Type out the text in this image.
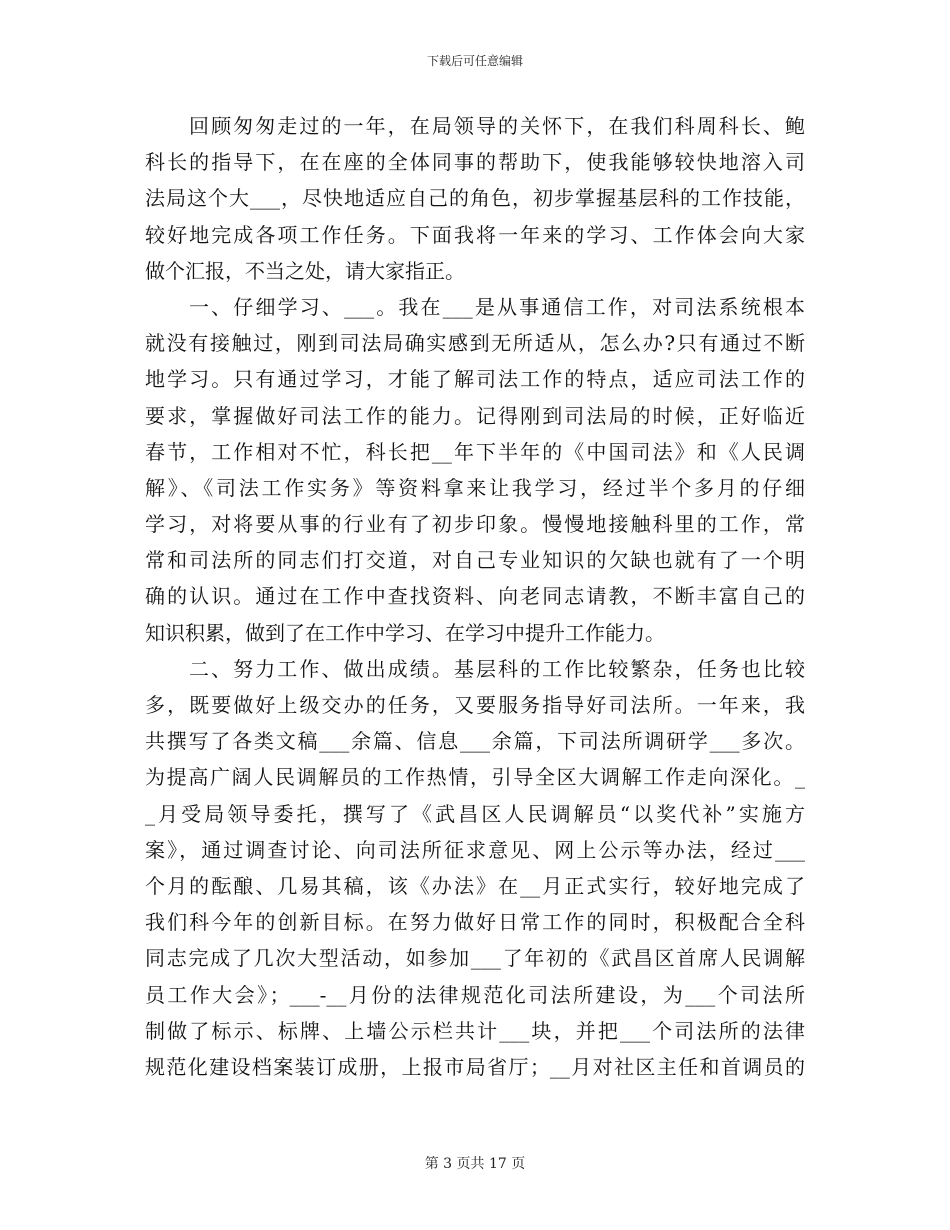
下载后可任意编辑
回顾匆匆走过的一年，在局领导的关怀下，在我们科周科长、鲍
科长的指导下，在在座的全体同事的帮助下，使我能够较快地溶入司
法局这个大___，尽快地适应自己的角色，初步掌握基层科的工作技能，
较好地完成各项工作任务。下面我将一年来的学习、工作体会向大家
做个汇报，不当之处，请大家指正。
一、仔细学习、___。我在___是从事通信工作，对司法系统根本
就没有接触过，刚到司法局确实感到无所适从，怎么办?只有通过不断
地学习。只有通过学习，才能了解司法工作的特点，适应司法工作的
要求，掌握做好司法工作的能力。记得刚到司法局的时候，正好临近
春节，工作相对不忙，科长把__年下半年的《中国司法》和《人民调
解》、《司法工作实务》等资料拿来让我学习，经过半个多月的仔细
学习，对将要从事的行业有了初步印象。慢慢地接触科里的工作，常
常和司法所的同志们打交道，对自己专业知识的欠缺也就有了一个明
确的认识。通过在工作中查找资料、向老同志请教，不断丰富自己的
知识积累，做到了在工作中学习、在学习中提升工作能力。
二、努力工作、做出成绩。基层科的工作比较繁杂，任务也比较
多，既要做好上级交办的任务，又要服务指导好司法所。一年来，我
共撰写了各类文稿___余篇、信息___余篇，下司法所调研学___多次。
为提高广阔人民调解员的工作热情，引导全区大调解工作走向深化。_
_月受局领导委托，撰写了《武昌区人民调解员“以奖代补”实施方
案》，通过调查讨论、向司法所征求意见、网上公示等办法，经过___
个月的酝酿、几易其稿，该《办法》在__月正式实行，较好地完成了
我们科今年的创新目标。在努力做好日常工作的同时，积极配合全科
同志完成了几次大型活动，如参加___了年初的《武昌区首席人民调解
员工作大会》；___-__月份的法律规范化司法所建设，为___个司法所
制做了标示、标牌、上墙公示栏共计___块，并把___个司法所的法律
规范化建设档案装订成册，上报市局省厅；__月对社区主任和首调员的
第 3 页共 17 页
